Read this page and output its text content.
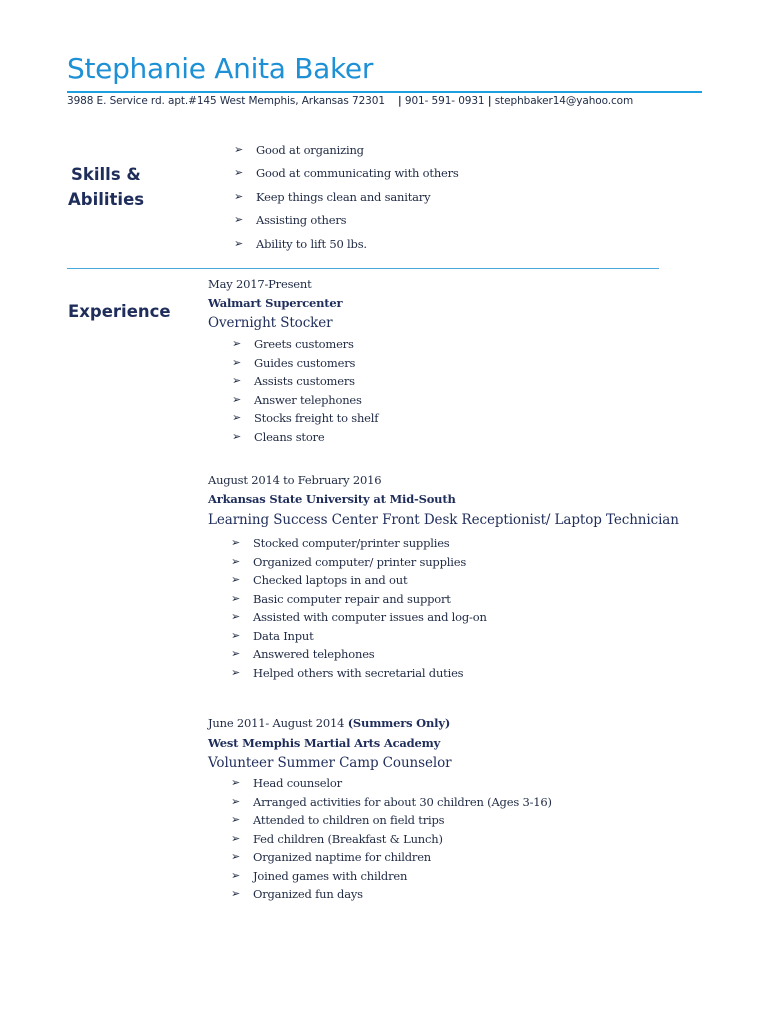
Stephanie Anita Baker
3988 E. Service rd. apt.#145 West Memphis, Arkansas 72301 | 901- 591- 0931 | stephbaker14@yahoo.com
Skills &
Abilities
➢ Good at organizing
➢ Good at communicating with others
➢ Keep things clean and sanitary
➢ Assisting others
➢ Ability to lift 50 lbs.
Experience
May 2017-Present
Walmart Supercenter
Overnight Stocker
➢ Greets customers
➢ Guides customers
➢ Assists customers
➢ Answer telephones
➢ Stocks freight to shelf
➢ Cleans store
August 2014 to February 2016
Arkansas State University at Mid-South
Learning Success Center Front Desk Receptionist/ Laptop Technician
➢ Stocked computer/printer supplies
➢ Organized computer/ printer supplies
➢ Checked laptops in and out
➢ Basic computer repair and support
➢ Assisted with computer issues and log-on
➢ Data Input
➢ Answered telephones
➢ Helped others with secretarial duties
June 2011- August 2014 (Summers Only)
West Memphis Martial Arts Academy
Volunteer Summer Camp Counselor
➢ Head counselor
➢ Arranged activities for about 30 children (Ages 3-16)
➢ Attended to children on field trips
➢ Fed children (Breakfast & Lunch)
➢ Organized naptime for children
➢ Joined games with children
➢ Organized fun days
